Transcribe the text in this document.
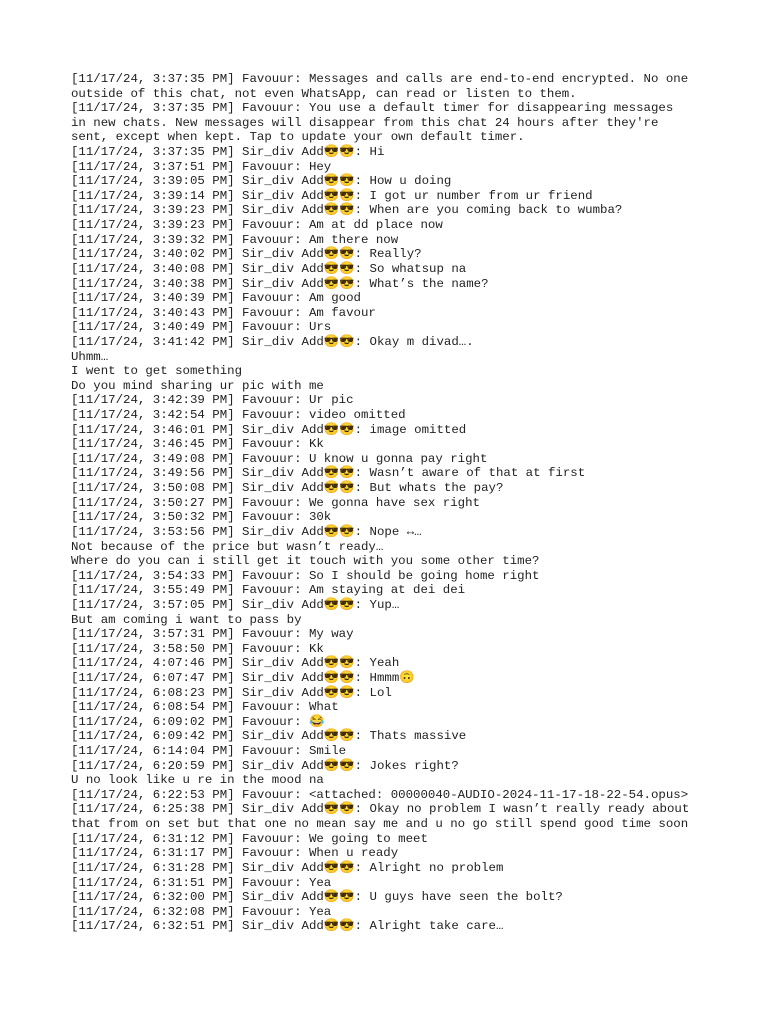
[11/17/24, 3:37:35 PM] Favouur: Messages and calls are end-to-end encrypted. No one
outside of this chat, not even WhatsApp, can read or listen to them.
[11/17/24, 3:37:35 PM] Favouur: You use a default timer for disappearing messages
in new chats. New messages will disappear from this chat 24 hours after they're
sent, except when kept. Tap to update your own default timer.
[11/17/24, 3:37:35 PM] Sir_div Add😎😎: Hi
[11/17/24, 3:37:51 PM] Favouur: Hey
[11/17/24, 3:39:05 PM] Sir_div Add😎😎: How u doing
[11/17/24, 3:39:14 PM] Sir_div Add😎😎: I got ur number from ur friend
[11/17/24, 3:39:23 PM] Sir_div Add😎😎: When are you coming back to wumba?
[11/17/24, 3:39:23 PM] Favouur: Am at dd place now
[11/17/24, 3:39:32 PM] Favouur: Am there now
[11/17/24, 3:40:02 PM] Sir_div Add😎😎: Really?
[11/17/24, 3:40:08 PM] Sir_div Add😎😎: So whatsup na
[11/17/24, 3:40:38 PM] Sir_div Add😎😎: What’s the name?
[11/17/24, 3:40:39 PM] Favouur: Am good
[11/17/24, 3:40:43 PM] Favouur: Am favour
[11/17/24, 3:40:49 PM] Favouur: Urs
[11/17/24, 3:41:42 PM] Sir_div Add😎😎: Okay m divad….
Uhmm…
I went to get something
Do you mind sharing ur pic with me
[11/17/24, 3:42:39 PM] Favouur: Ur pic
[11/17/24, 3:42:54 PM] Favouur: video omitted
[11/17/24, 3:46:01 PM] Sir_div Add😎😎: image omitted
[11/17/24, 3:46:45 PM] Favouur: Kk
[11/17/24, 3:49:08 PM] Favouur: U know u gonna pay right
[11/17/24, 3:49:56 PM] Sir_div Add😎😎: Wasn’t aware of that at first
[11/17/24, 3:50:08 PM] Sir_div Add😎😎: But whats the pay?
[11/17/24, 3:50:27 PM] Favouur: We gonna have sex right
[11/17/24, 3:50:32 PM] Favouur: 30k
[11/17/24, 3:53:56 PM] Sir_div Add😎😎: Nope ↔…
Not because of the price but wasn’t ready…
Where do you can i still get it touch with you some other time?
[11/17/24, 3:54:33 PM] Favouur: So I should be going home right
[11/17/24, 3:55:49 PM] Favouur: Am staying at dei dei
[11/17/24, 3:57:05 PM] Sir_div Add😎😎: Yup…
But am coming i want to pass by
[11/17/24, 3:57:31 PM] Favouur: My way
[11/17/24, 3:58:50 PM] Favouur: Kk
[11/17/24, 4:07:46 PM] Sir_div Add😎😎: Yeah
[11/17/24, 6:07:47 PM] Sir_div Add😎😎: Hmmm🙃
[11/17/24, 6:08:23 PM] Sir_div Add😎😎: Lol
[11/17/24, 6:08:54 PM] Favouur: What
[11/17/24, 6:09:02 PM] Favouur: 😂
[11/17/24, 6:09:42 PM] Sir_div Add😎😎: Thats massive
[11/17/24, 6:14:04 PM] Favouur: Smile
[11/17/24, 6:20:59 PM] Sir_div Add😎😎: Jokes right?
U no look like u re in the mood na
[11/17/24, 6:22:53 PM] Favouur: <attached: 00000040-AUDIO-2024-11-17-18-22-54.opus>
[11/17/24, 6:25:38 PM] Sir_div Add😎😎: Okay no problem I wasn’t really ready about
that from on set but that one no mean say me and u no go still spend good time soon
[11/17/24, 6:31:12 PM] Favouur: We going to meet
[11/17/24, 6:31:17 PM] Favouur: When u ready
[11/17/24, 6:31:28 PM] Sir_div Add😎😎: Alright no problem
[11/17/24, 6:31:51 PM] Favouur: Yea
[11/17/24, 6:32:00 PM] Sir_div Add😎😎: U guys have seen the bolt?
[11/17/24, 6:32:08 PM] Favouur: Yea
[11/17/24, 6:32:51 PM] Sir_div Add😎😎: Alright take care…
